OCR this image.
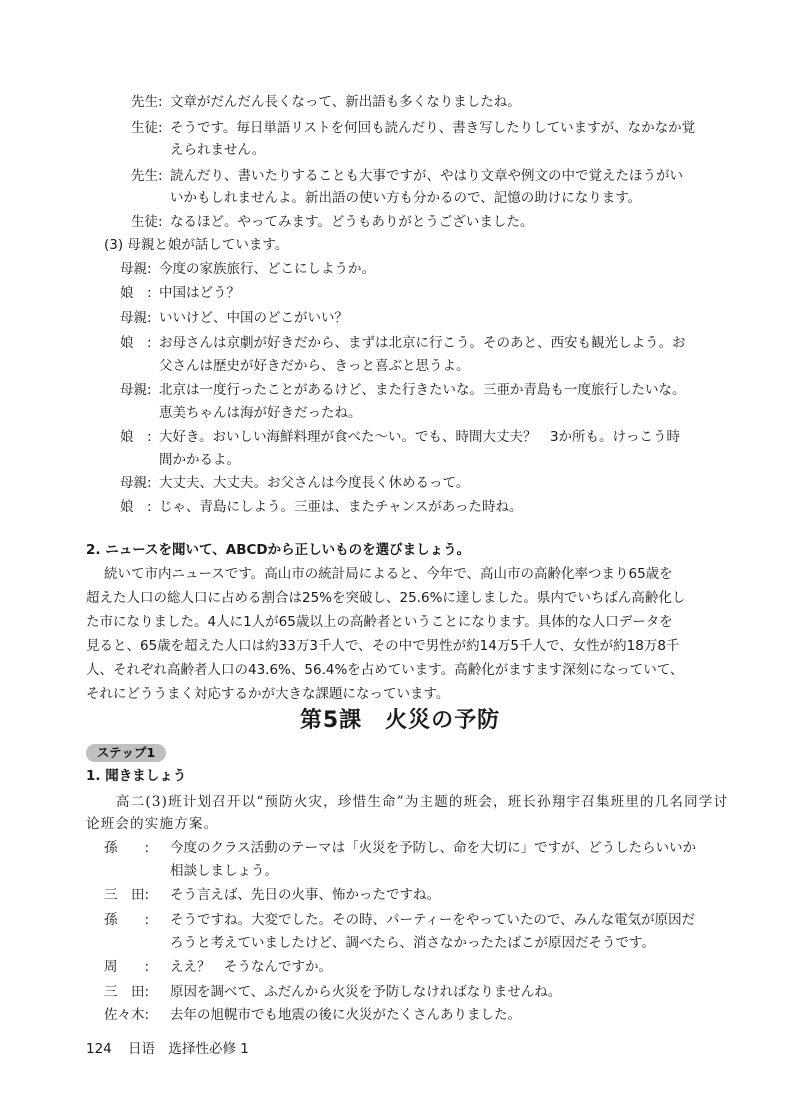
先生: 文章がだんだん長くなって、新出語も多くなりましたね。
生徒: そうです。毎日単語リストを何回も読んだり、書き写したりしていますが、なかなか覚
えられません。
先生: 読んだり、書いたりすることも大事ですが、やはり文章や例文の中で覚えたほうがい
いかもしれませんよ。新出語の使い方も分かるので、記憶の助けになります。
生徒: なるほど。やってみます。どうもありがとうございました。
(3) 母親と娘が話しています。
母親: 今度の家族旅行、どこにしようか。
娘　: 中国はどう？
母親: いいけど、中国のどこがいい？
娘　: お母さんは京劇が好きだから、まずは北京に行こう。そのあと、西安も観光しよう。お
父さんは歴史が好きだから、きっと喜ぶと思うよ。
母親: 北京は一度行ったことがあるけど、また行きたいな。三亜か青島も一度旅行したいな。
恵美ちゃんは海が好きだったね。
娘　: 大好き。おいしい海鮮料理が食べた～い。でも、時間大丈夫？　3か所も。けっこう時
間かかるよ。
母親: 大丈夫、大丈夫。お父さんは今度長く休めるって。
娘　: じゃ、青島にしよう。三亜は、またチャンスがあった時ね。
2. ニュースを聞いて、ABCDから正しいものを選びましょう。
続いて市内ニュースです。高山市の統計局によると、今年で、高山市の高齢化率つまり65歳を
超えた人口の総人口に占める割合は25%を突破し、25.6%に達しました。県内でいちばん高齢化し
た市になりました。4人に1人が65歳以上の高齢者ということになります。具体的な人口データを
見ると、65歳を超えた人口は約33万3千人で、その中で男性が約14万5千人で、女性が約18万8千
人、それぞれ高齢者人口の43.6%、56.4%を占めています。高齢化がますます深刻になっていて、
それにどううまく対応するかが大きな課題になっています。
第5課　火災の予防
ステップ1
1. 聞きましょう
高二(3)班计划召开以“预防火灾，珍惜生命”为主题的班会，班长孙翔宇召集班里的几名同学讨
论班会的实施方案。
孫　　: 今度のクラス活動のテーマは「火災を予防し、命を大切に」ですが、どうしたらいいか
相談しましょう。
三　田: そう言えば、先日の火事、怖かったですね。
孫　　: そうですね。大変でした。その時、パーティーをやっていたので、みんな電気が原因だ
ろうと考えていましたけど、調べたら、消さなかったたばこが原因だそうです。
周　　: ええ？　そうなんですか。
三　田: 原因を調べて、ふだんから火災を予防しなければなりませんね。
佐々木: 去年の旭幌市でも地震の後に火災がたくさんありました。
124 日语　选择性必修 1
